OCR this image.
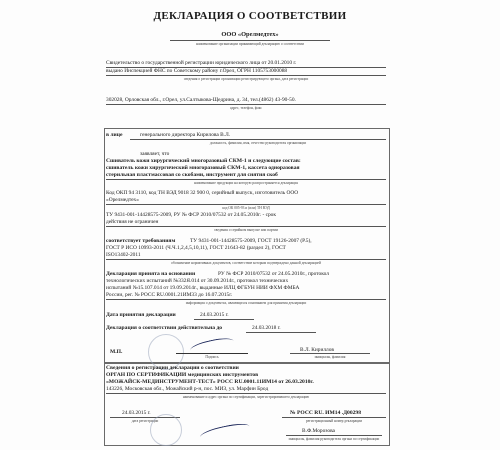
ДЕКЛАРАЦИЯ О СООТВЕТСТВИИ
ООО «Орелмедтех»
наименование организации принявающий декларацию о соответствии
Свидетельство о государственной регистрации юридического лица от 20.01.2010 г.
выдано Инспекцией ФНС по Советскому району г.Орел, ОГРН 1105753000088
сведения о регистрации организации регистрирующего органа, дата регистрации
302028, Орловская обл., г.Орел, ул.Салтыкова-Щедрина, д. 34, тел.(4862) 43-90-50.
адрес, телефон, факс
в лице	генерального директора Кирилова В.Л.
должность, фамилия, имя, отчество руководителя организации
заявляет, что
Сшиватель кожи хирургический многоразовый СКМ-1 и следующие состав:
сшиватель кожи хирургический многоразовый СКМ-1, кассета одноразовая
стерильная пластмассовая со скобами, инструмент для снятия скоб
наименование продукции на которую распространяется декларация
Код ОКП 94 3110, код ТН ВЭД 9018 32 900 0, серийный выпуск, изготовитель ООО
«Орелмедтех»
код ОК 005-93 и (или) ТН ВЭД
ТУ 9431-001-14428575-2009, РУ № ФСР 2010/07532 от 24.05.2010г. - срок
действия не ограничен
сведения о серийном выпуске или партии
соответствует требованиям	ТУ 9431-001-14428575-2009, ГОСТ 19126-2007 (Р.5),
ГОСТ Р ИСО 10993-2011 (Ч.Ч.1,2,4,5,10,11), ГОСТ 21643-82 (раздел 2), ГОСТ
ISO13402-2011
обозначение нормативных документов, соответствие которым подтверждено данной декларацией
Декларация принята на основании	РУ № ФСР 2010/07532 от 24.05.2010г., протокол
технологических испытаний №332Я.014 от 30.09.2014г., протокол технических
испытаний №15.107.014 от 19.09.2014г., выданные ИЛЦ ФГБУН НИИ ФХМ ФМБА
России, рег. № РОСС RU.0001.21ИМ33 до 16.07.2015г.
информация о документах, являющихся основанием для принятия декларации
Дата принятия декларации	24.03.2015 г.
Декларация о соответствии действительна до	24.03.2018 г.
М.П.
Подпись
В.Л. Кириллов
инициалы, фамилия
Сведения о регистрации декларации о соответствии
ОРГАН ПО СЕРТИФИКАЦИИ медицинских инструментов
«МОЖАЙСК-МЕДИНСТРУМЕНТ-ТЕСТ» РОСС RU.0001.11ИМ14 от 26.03.2010г.
143226, Московская обл., Можайский р-н, пос. МИЗ, ул. Марфин Брод
наименование и адрес органа по сертификации, зарегистрировавшего декларацию
24.03.2015 г.
дата регистрации
№ РОСС RU. ИМ14 .Д00298
регистрационный номер декларации
В.Ф.Морозова
инициалы, фамилия руководителя органа по сертификации
